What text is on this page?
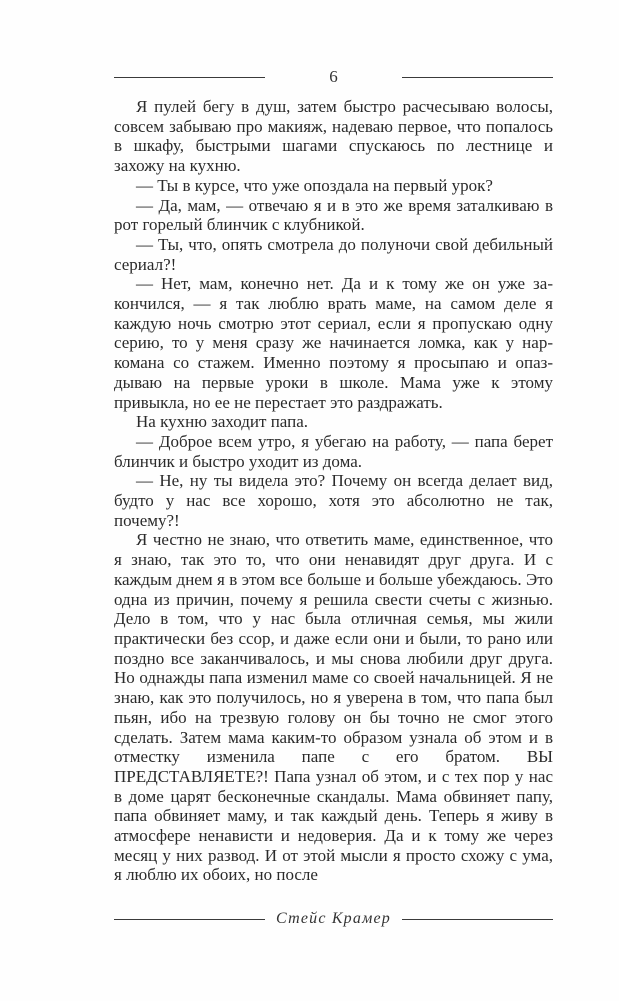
6

Я пулей бегу в душ, затем быстро расчесываю волосы, совсем забываю про макияж, надеваю первое, что попалось в шкафу, быстрыми шагами спускаюсь по лестнице и захожу на кухню.

— Ты в курсе, что уже опоздала на первый урок?

— Да, мам, — отвечаю я и в это же время заталкиваю в рот горелый блинчик с клубникой.

— Ты, что, опять смотрела до полуночи свой дебильный сериал?!

— Нет, мам, конечно нет. Да и к тому же он уже закончился, — я так люблю врать маме, на самом деле я каждую ночь смотрю этот сериал, если я пропускаю одну серию, то у меня сразу же начинается ломка, как у наркомана со стажем. Именно поэтому я просыпаю и опаздываю на первые уроки в школе. Мама уже к этому привыкла, но ее не перестает это раздражать.

На кухню заходит папа.

— Доброе всем утро, я убегаю на работу, — папа берет блинчик и быстро уходит из дома.

— Не, ну ты видела это? Почему он всегда делает вид, будто у нас все хорошо, хотя это абсолютно не так, почему?!

Я честно не знаю, что ответить маме, единственное, что я знаю, так это то, что они ненавидят друг друга. И с каждым днем я в этом все больше и больше убеждаюсь. Это одна из причин, почему я решила свести счеты с жизнью. Дело в том, что у нас была отличная семья, мы жили практически без ссор, и даже если они и были, то рано или поздно все заканчивалось, и мы снова любили друг друга. Но однажды папа изменил маме со своей начальницей. Я не знаю, как это получилось, но я уверена в том, что папа был пьян, ибо на трезвую голову он бы точно не смог этого сделать. Затем мама каким-то образом узнала об этом и в отместку изменила папе с его братом. ВЫ ПРЕДСТАВЛЯЕТЕ?! Папа узнал об этом, и с тех пор у нас в доме царят бесконечные скандалы. Мама обвиняет папу, папа обвиняет маму, и так каждый день. Теперь я живу в атмосфере ненависти и недоверия. Да и к тому же через месяц у них развод. И от этой мысли я просто схожу с ума, я люблю их обоих, но после

Стейс Крамер
